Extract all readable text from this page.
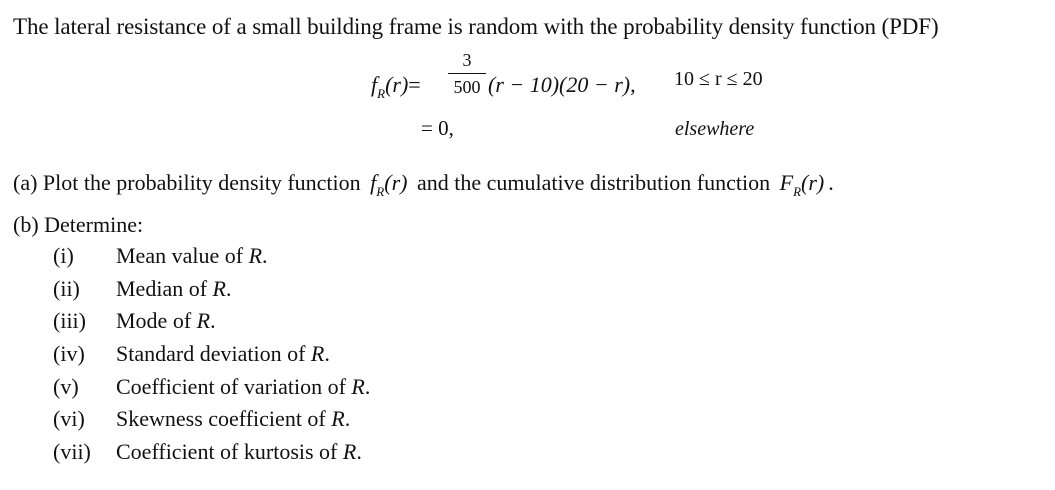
The lateral resistance of a small building frame is random with the probability density function (PDF)
$f_R(r)=$
3
500 (r − 10)(20 − r), 10 ≤ r ≤ 20
= 0,	elsewhere
(a) Plot the probability density function $f_R(r)$ and the cumulative distribution function $F_R(r)$ .
(b) Determine:
(i) Mean value of R.
(ii) Median of R.
(iii) Mode of R.
(iv) Standard deviation of R.
(v) Coefficient of variation of R.
(vi) Skewness coefficient of R.
(vii) Coefficient of kurtosis of R.
